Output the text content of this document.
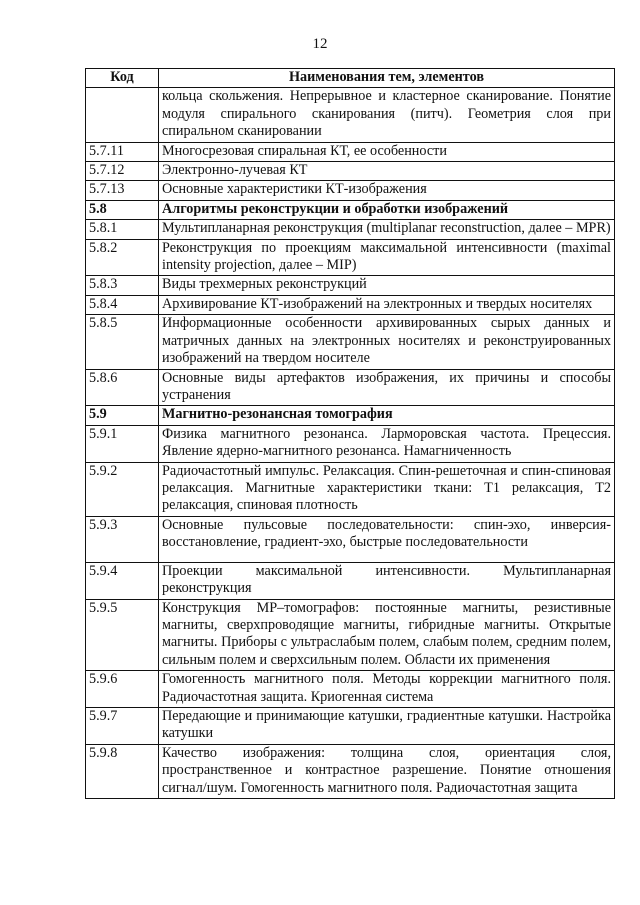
12
Код	Наименования тем, элементов
	кольца скольжения. Непрерывное и кластерное сканирование. Понятие модуля спирального сканирования (питч). Геометрия слоя при спиральном сканировании
5.7.11	Многосрезовая спиральная КТ, ее особенности
5.7.12	Электронно-лучевая КТ
5.7.13	Основные характеристики КТ-изображения
5.8	Алгоритмы реконструкции и обработки изображений
5.8.1	Мультипланарная реконструкция (multiplanar reconstruction, далее – MPR)
5.8.2	Реконструкция по проекциям максимальной интенсивности (maximal intensity projection, далее – MIP)
5.8.3	Виды трехмерных реконструкций
5.8.4	Архивирование КТ-изображений на электронных и твердых носителях
5.8.5	Информационные особенности архивированных сырых данных и матричных данных на электронных носителях и реконструированных изображений на твердом носителе
5.8.6	Основные виды артефактов изображения, их причины и способы устранения
5.9	Магнитно-резонансная томография
5.9.1	Физика магнитного резонанса. Ларморовская частота. Прецессия. Явление ядерно-магнитного резонанса. Намагниченность
5.9.2	Радиочастотный импульс. Релаксация. Спин-решеточная и спин-спиновая релаксация. Магнитные характеристики ткани: Т1 релаксация, Т2 релаксация, спиновая плотность
5.9.3	Основные пульсовые последовательности: спин-эхо, инверсия-восстановление, градиент-эхо, быстрые последовательности
5.9.4	Проекции максимальной интенсивности. Мультипланарная реконструкция
5.9.5	Конструкция МР–томографов: постоянные магниты, резистивные магниты, сверхпроводящие магниты, гибридные магниты. Открытые магниты. Приборы с ультраслабым полем, слабым полем, средним полем, сильным полем и сверхсильным полем. Области их применения
5.9.6	Гомогенность магнитного поля. Методы коррекции магнитного поля. Радиочастотная защита. Криогенная система
5.9.7	Передающие и принимающие катушки, градиентные катушки. Настройка катушки
5.9.8	Качество изображения: толщина слоя, ориентация слоя, пространственное и контрастное разрешение. Понятие отношения сигнал/шум. Гомогенность магнитного поля. Радиочастотная защита
